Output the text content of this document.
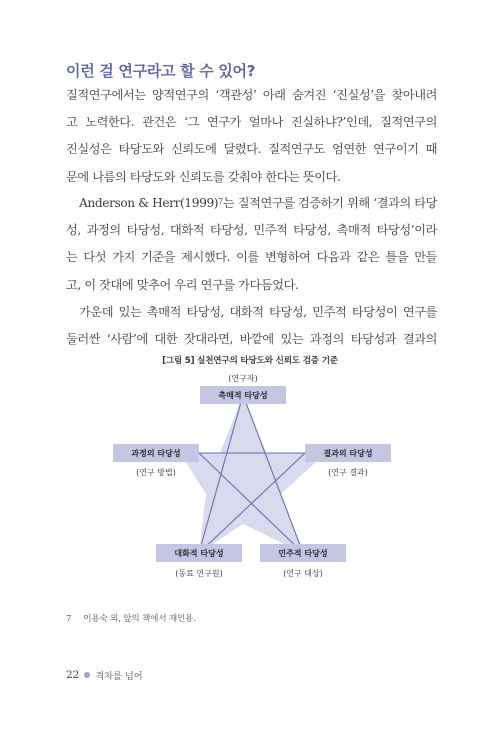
이런 걸 연구라고 할 수 있어?
질적연구에서는 양적연구의 ‘객관성’ 아래 숨겨진 ‘진실성’을 찾아내려
고 노력한다. 관건은 ‘그 연구가 얼마나 진실하냐?’인데, 질적연구의
진실성은 타당도와 신뢰도에 달렸다. 질적연구도 엄연한 연구이기 때
문에 나름의 타당도와 신뢰도를 갖춰야 한다는 뜻이다.
Anderson & $Herr(1999)^7$는 질적연구를 검증하기 위해 ‘결과의 타당
성, 과정의 타당성, 대화적 타당성, 민주적 타당성, 촉매적 타당성’이라
는 다섯 가지 기준을 제시했다. 이를 변형하여 다음과 같은 틀을 만들
고, 이 잣대에 맞추어 우리 연구를 가다듬었다.
가운데 있는 촉매적 타당성, 대화적 타당성, 민주적 타당성이 연구를
둘러싼 ‘사람’에 대한 잣대라면, 바깥에 있는 과정의 타당성과 결과의
[그림 5] 실천연구의 타당도와 신뢰도 검증 기준
(연구자)
촉매적 타당성
과정의 타당성
(연구 방법)
결과의 타당성
(연구 결과)
대화적 타당성
(동료 연구원)
민주적 타당성
(연구 대상)
7 이용숙 외, 앞의 책에서 재인용.
22 격차를 넘어
